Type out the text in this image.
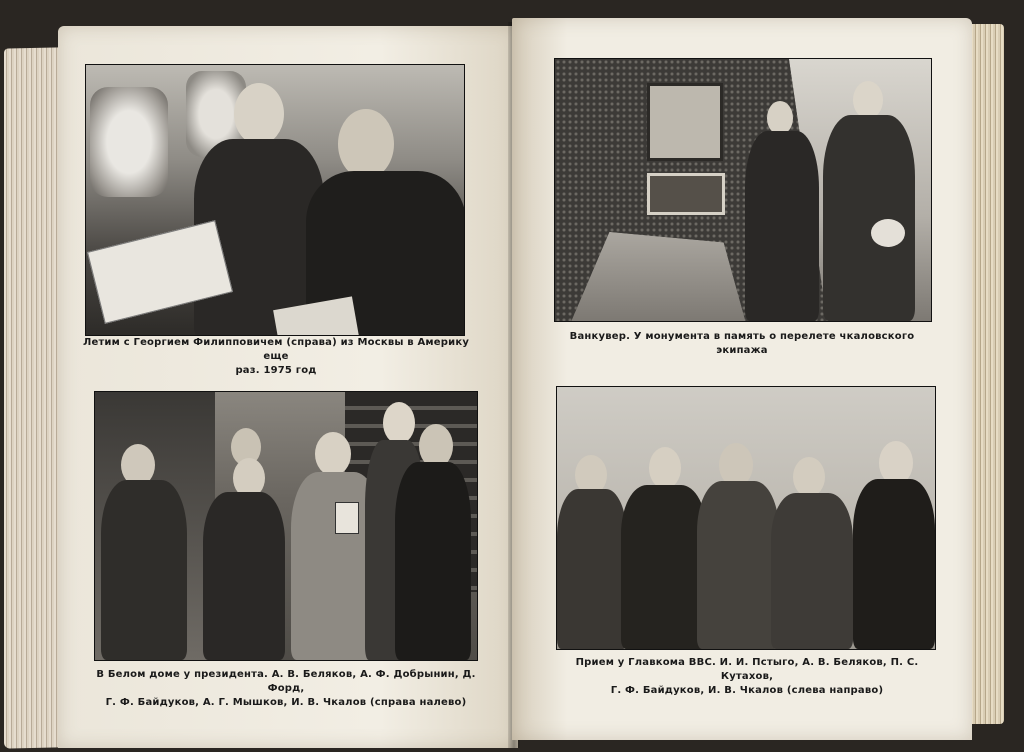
Летим с Георгием Филипповичем (справа) из Москвы в Америку еще
раз. 1975 год
В Белом доме у президента. А. В. Беляков, А. Ф. Добрынин, Д. Форд,
Г. Ф. Байдуков, А. Г. Мышков, И. В. Чкалов (справа налево)
Ванкувер. У монумента в память о перелете чкаловского экипажа
Прием у Главкома ВВС. И. И. Пстыго, А. В. Беляков, П. С. Кутахов,
Г. Ф. Байдуков, И. В. Чкалов (слева направо)
